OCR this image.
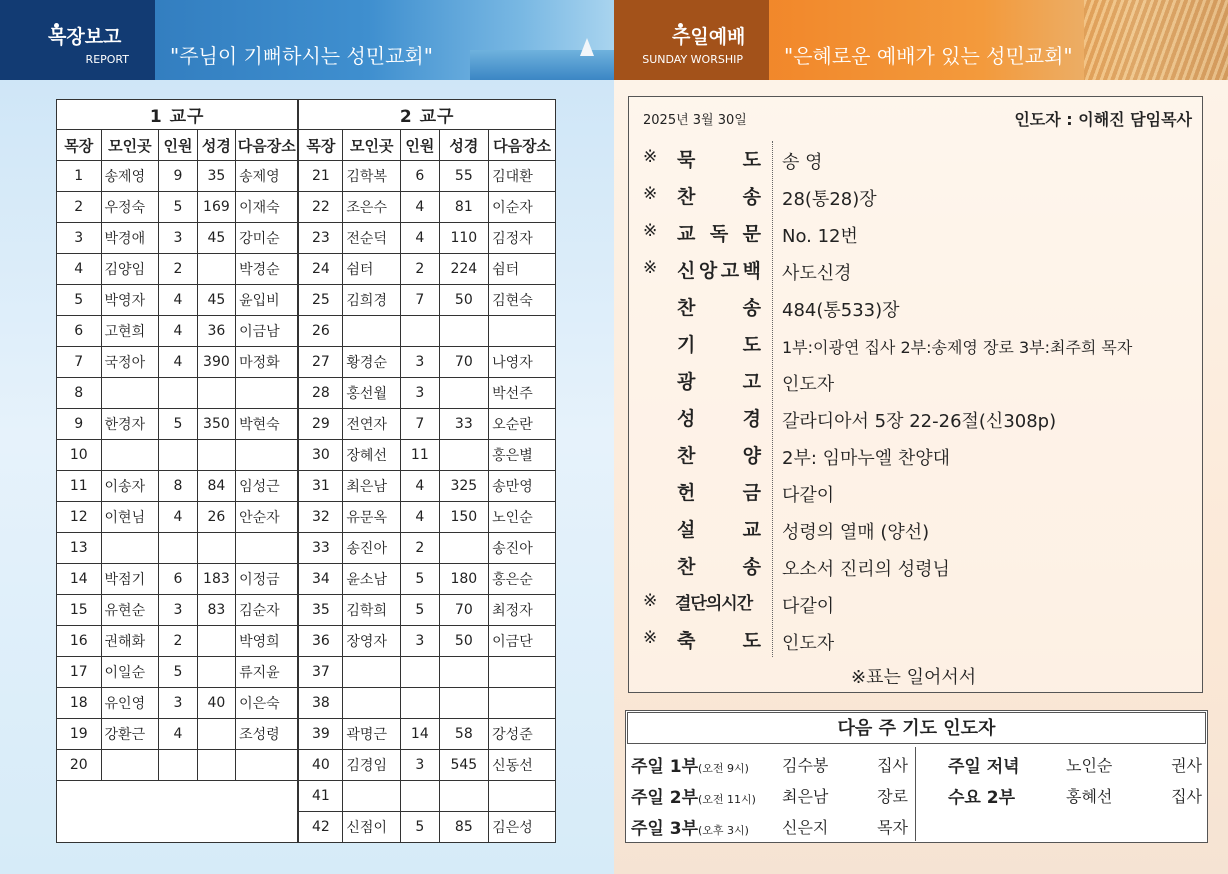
목장보고
REPORT "주님이 기뻐하시는 성민교회"
주일예배
SUNDAY WORSHIP "은혜로운 예배가 있는 성민교회"
1 교구					2 교구				
목장	모인곳	인원	성경	다음장소	목장	모인곳	인원	성경	다음장소
1	송제영	9	35	송제영	21	김학복	6	55	김대환
2	우정숙	5	169	이재숙	22	조은수	4	81	이순자
3	박경애	3	45	강미순	23	전순덕	4	110	김정자
4	김양임	2		박경순	24	쉼터	2	224	쉼터
5	박영자	4	45	윤입비	25	김희경	7	50	김현숙
6	고현희	4	36	이금남	26				
7	국정아	4	390	마정화	27	황경순	3	70	나영자
8					28	홍선월	3		박선주
9	한경자	5	350	박현숙	29	전연자	7	33	오순란
10					30	장혜선	11		홍은별
11	이송자	8	84	임성근	31	최은남	4	325	송만영
12	이현님	4	26	안순자	32	유문옥	4	150	노인순
13					33	송진아	2		송진아
14	박점기	6	183	이정금	34	윤소남	5	180	홍은순
15	유현순	3	83	김순자	35	김학희	5	70	최정자
16	권해화	2		박영희	36	장영자	3	50	이금단
17	이일순	5		류지윤	37				
18	유인영	3	40	이은숙	38				
19	강환근	4		조성령	39	곽명근	14	58	강성준
20					40	김경임	3	545	신동선
					41				
					42	신점이	5	85	김은성
2025년 3월 30일	인도자 : 이해진 담임목사
※ 묵 도 송 영
※ 찬 송 28(통28)장
※ 교 독 문 No. 12번
※ 신 앙 고 백 사도신경
찬 송 484(통533)장
기 도 1부:이광연 집사 2부:송제영 장로 3부:최주희 목자
광 고 인도자
성 경 갈라디아서 5장 22-26절(신308p)
찬 양 2부: 임마누엘 찬양대
헌 금 다같이
설 교 성령의 열매 (양선)
찬 송 오소서 진리의 성령님
※ 결단의시간 다같이
※ 축 도 인도자
※표는 일어서서
다음 주 기도 인도자
주일 1부(오전 9시) 김수봉	집사
주일 2부(오전 11시) 최은남	장로
주일 3부(오후 3시) 신은지	목자
주일 저녁	노인순	권사
수요 2부	홍혜선	집사
